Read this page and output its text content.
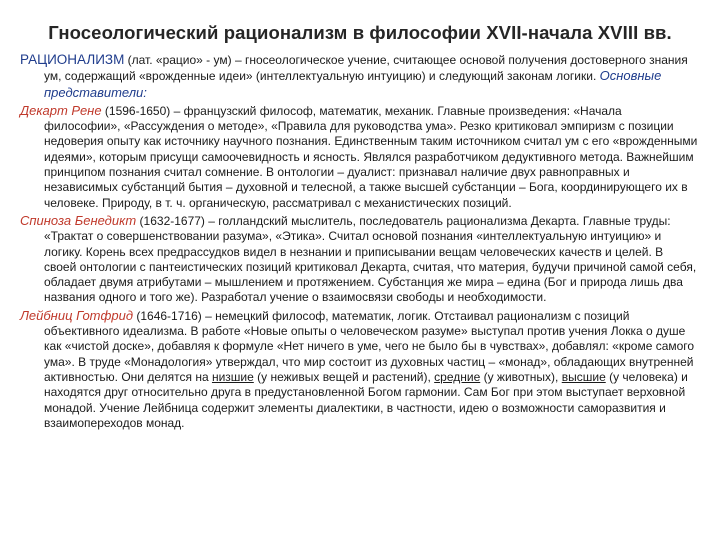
Гносеологический рационализм в философии XVII-начала XVIII вв.

РАЦИОНАЛИЗМ (лат. «рацио» - ум) – гносеологическое учение, считающее основой получения достоверного знания ум, содержащий «врожденные идеи» (интеллектуальную интуицию) и следующий законам логики. Основные представители:

Декарт Рене (1596-1650) – французский философ, математик, механик. Главные произведения: «Начала философии», «Рассуждения о методе», «Правила для руководства ума». Резко критиковал эмпиризм с позиции недоверия опыту как источнику научного познания. Единственным таким источником считал ум с его «врожденными идеями», которым присущи самоочевидность и ясность. Являлся разработчиком дедуктивного метода. Важнейшим принципом познания считал сомнение. В онтологии – дуалист: признавал наличие двух равноправных и независимых субстанций бытия – духовной и телесной, а также высшей субстанции – Бога, координирующего их в человеке. Природу, в т. ч. органическую, рассматривал с механистических позиций.

Спиноза Бенедикт (1632-1677) – голландский мыслитель, последователь рационализма Декарта. Главные труды: «Трактат о совершенствовании разума», «Этика». Считал основой познания «интеллектуальную интуицию» и логику. Корень всех предрассудков видел в незнании и приписывании вещам человеческих качеств и целей. В своей онтологии с пантеистических позиций критиковал Декарта, считая, что материя, будучи причиной самой себя, обладает двумя атрибутами – мышлением и протяжением. Субстанция же мира – едина (Бог и природа лишь два названия одного и того же). Разработал учение о взаимосвязи свободы и необходимости.

Лейбниц Готфрид (1646-1716) – немецкий философ, математик, логик. Отстаивал рационализм с позиций объективного идеализма. В работе «Новые опыты о человеческом разуме» выступал против учения Локка о душе как «чистой доске», добавляя к формуле «Нет ничего в уме, чего не было бы в чувствах», добавлял: «кроме самого ума». В труде «Монадология» утверждал, что мир состоит из духовных частиц – «монад», обладающих внутренней активностью. Они делятся на низшие (у неживых вещей и растений), средние (у животных), высшие (у человека) и находятся друг относительно друга в предустановленной Богом гармонии. Сам Бог при этом выступает верховной монадой. Учение Лейбница содержит элементы диалектики, в частности, идею о возможности саморазвития и взаимопереходов монад.
